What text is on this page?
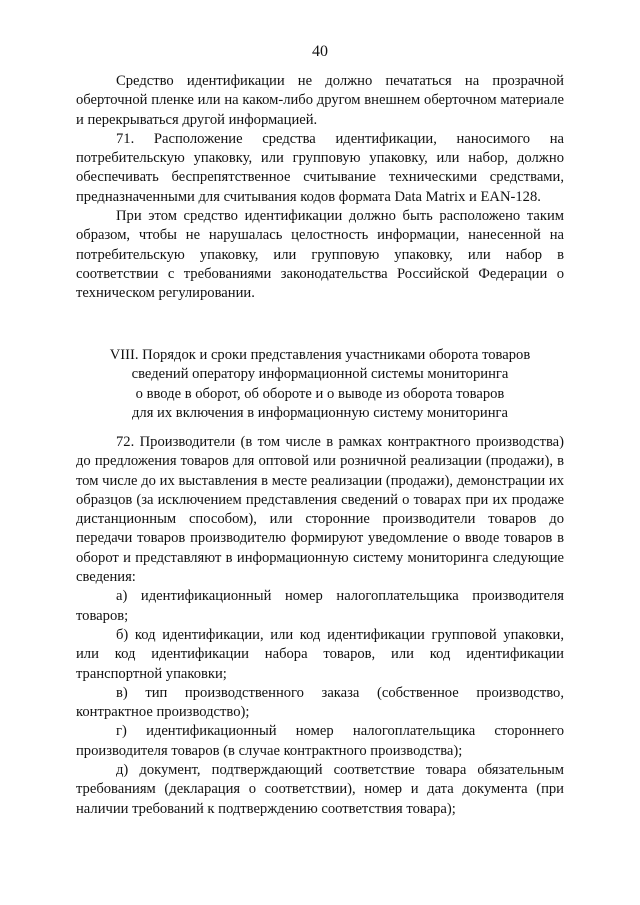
40

Средство идентификации не должно печататься на прозрачной оберточной пленке или на каком-либо другом внешнем оберточном материале и перекрываться другой информацией.

71. Расположение средства идентификации, наносимого на потребительскую упаковку, или групповую упаковку, или набор, должно обеспечивать беспрепятственное считывание техническими средствами, предназначенными для считывания кодов формата Data Matrix и EAN-128.

При этом средство идентификации должно быть расположено таким образом, чтобы не нарушалась целостность информации, нанесенной на потребительскую упаковку, или групповую упаковку, или набор в соответствии с требованиями законодательства Российской Федерации о техническом регулировании.

VIII. Порядок и сроки представления участниками оборота товаров
сведений оператору информационной системы мониторинга
о вводе в оборот, об обороте и о выводе из оборота товаров
для их включения в информационную систему мониторинга

72. Производители (в том числе в рамках контрактного производства) до предложения товаров для оптовой или розничной реализации (продажи), в том числе до их выставления в месте реализации (продажи), демонстрации их образцов (за исключением представления сведений о товарах при их продаже дистанционным способом), или сторонние производители товаров до передачи товаров производителю формируют уведомление о вводе товаров в оборот и представляют в информационную систему мониторинга следующие сведения:

а) идентификационный номер налогоплательщика производителя товаров;

б) код идентификации, или код идентификации групповой упаковки, или код идентификации набора товаров, или код идентификации транспортной упаковки;

в) тип производственного заказа (собственное производство, контрактное производство);

г) идентификационный номер налогоплательщика стороннего производителя товаров (в случае контрактного производства);

д) документ, подтверждающий соответствие товара обязательным требованиям (декларация о соответствии), номер и дата документа (при наличии требований к подтверждению соответствия товара);
